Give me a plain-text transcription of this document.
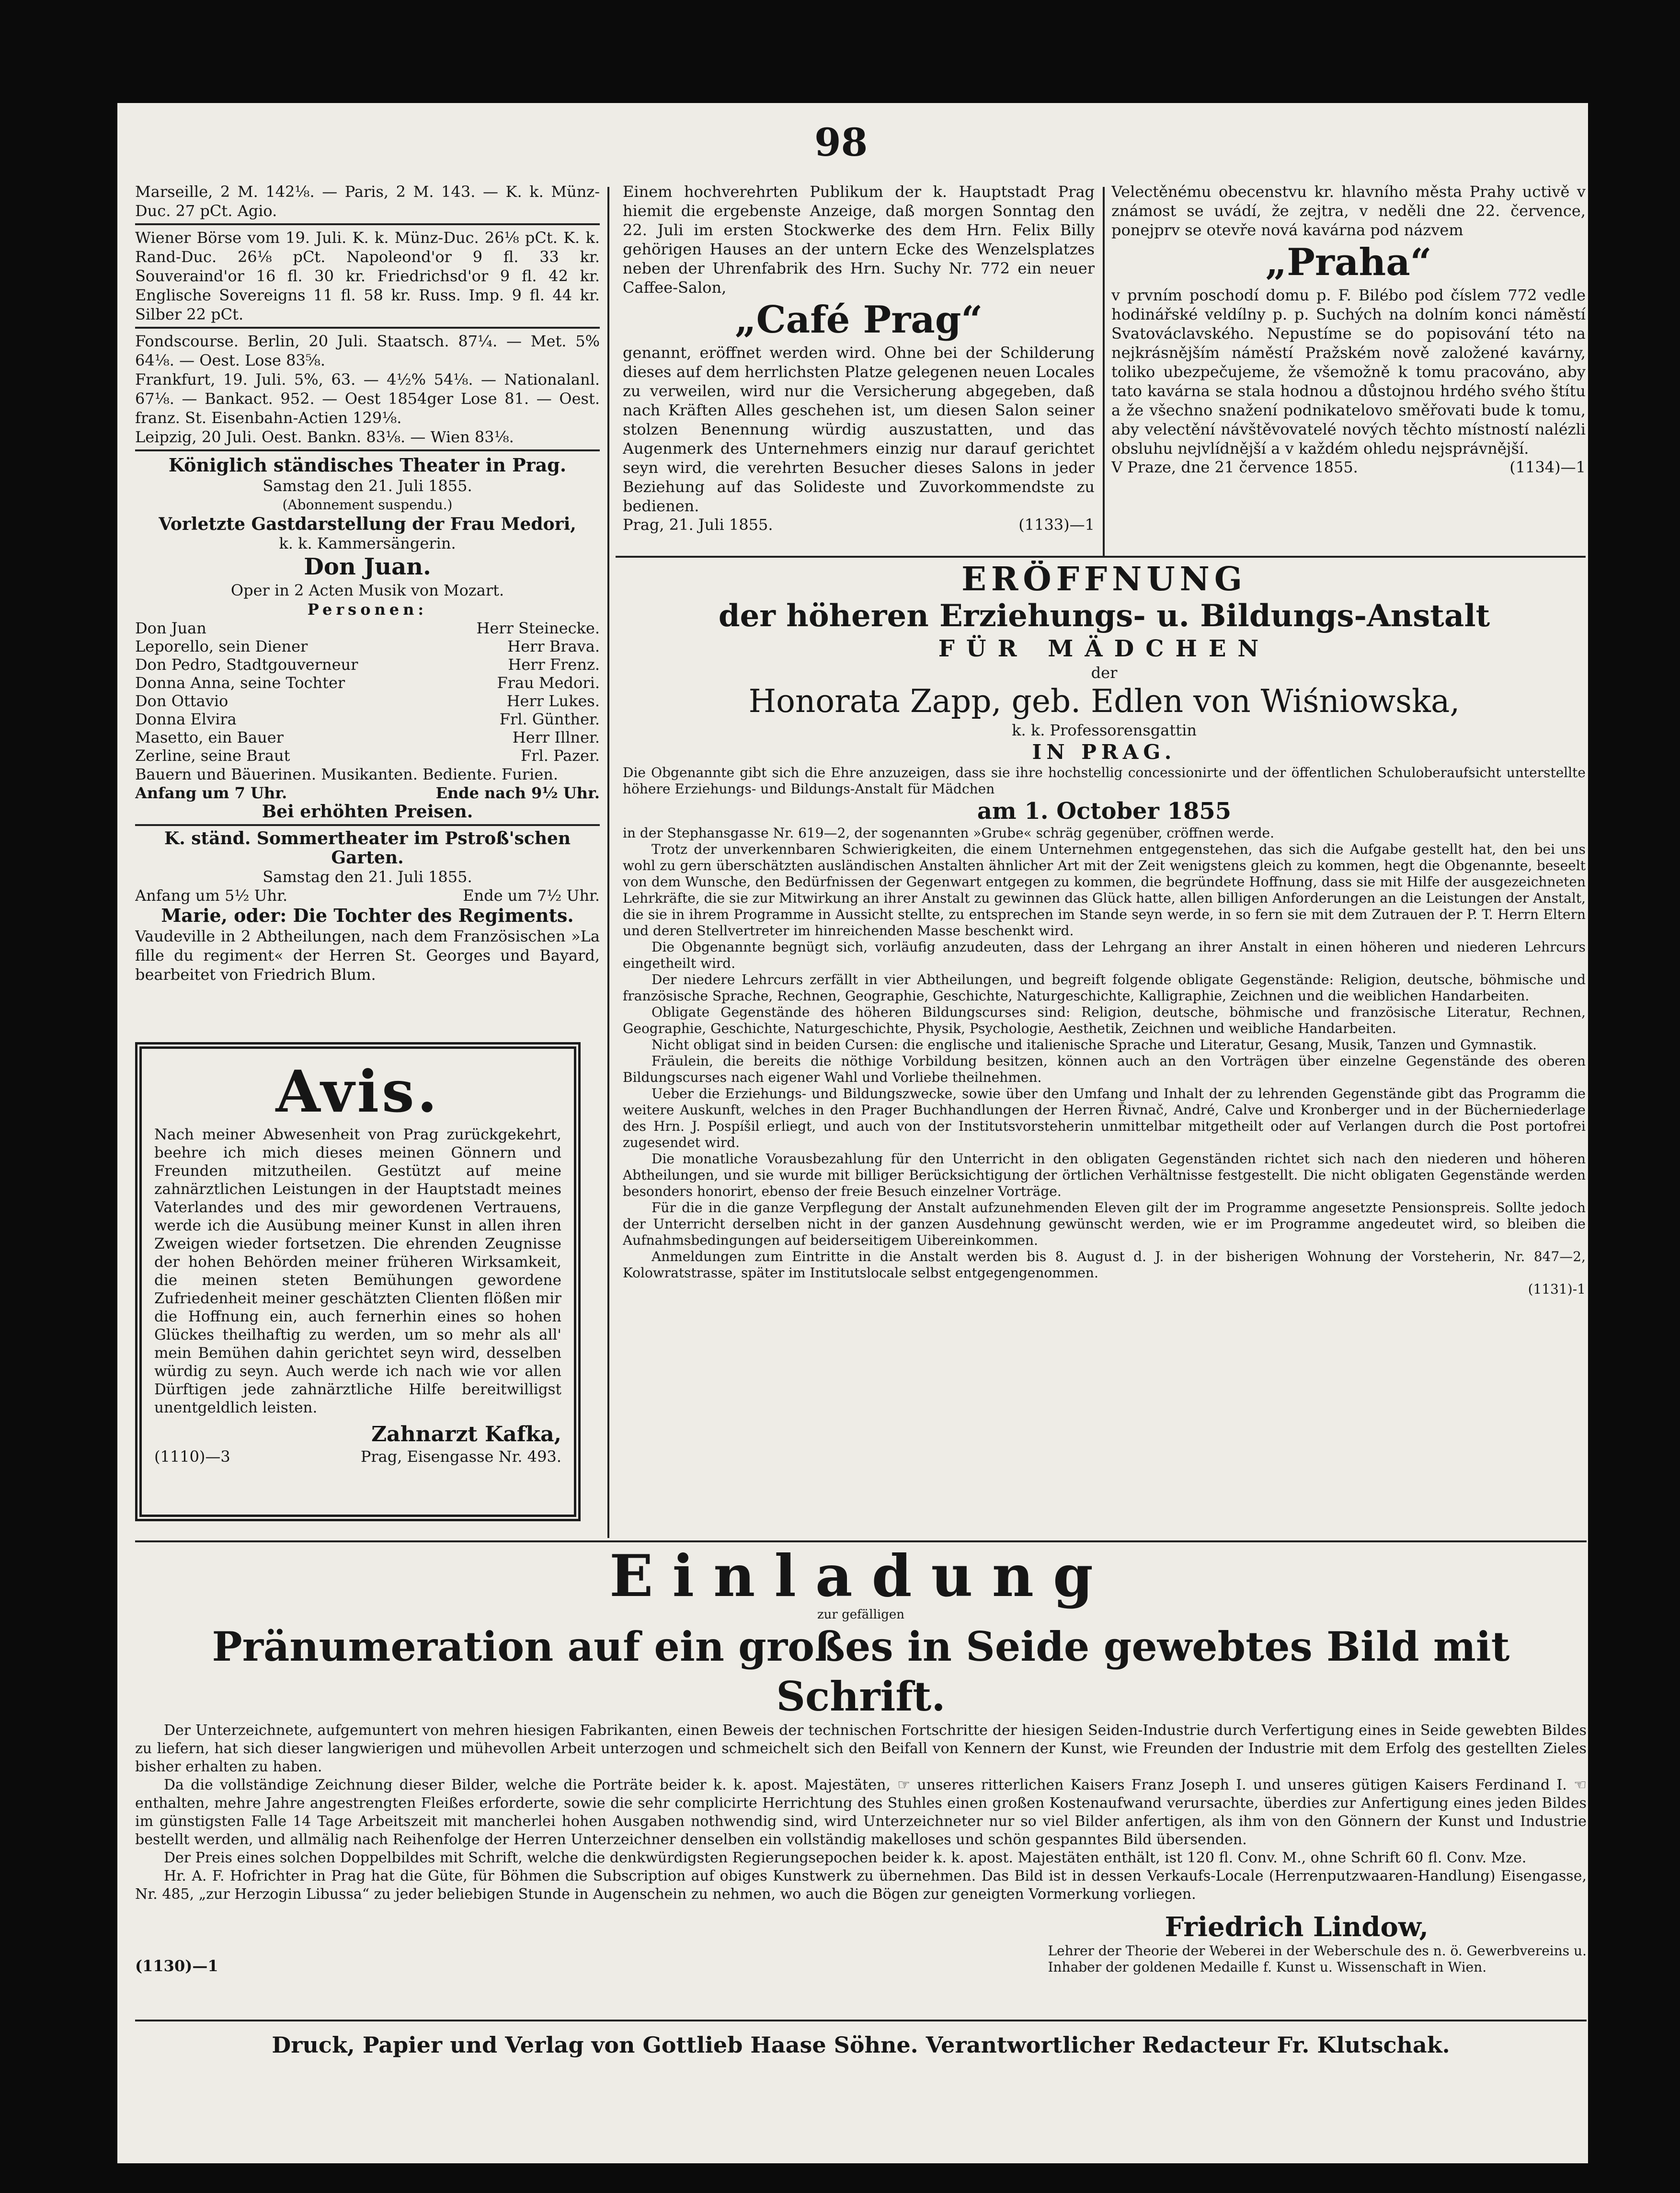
98

Marseille, 2 M. 142⅛. — Paris, 2 M. 143. — K. k. Münz-Duc. 27 pCt. Agio.

Wiener Börse vom 19. Juli. K. k. Münz-Duc. 26⅛ pCt. K. k. Rand-Duc. 26⅛ pCt. Napoleond'or 9 fl. 33 kr. Souveraind'or 16 fl. 30 kr. Friedrichsd'or 9 fl. 42 kr. Englische Sovereigns 11 fl. 58 kr. Russ. Imp. 9 fl. 44 kr. Silber 22 pCt.

Fondscourse. Berlin, 20 Juli. Staatsch. 87¼. — Met. 5% 64⅛. — Oest. Lose 83⅝.

Frankfurt, 19. Juli. 5%, 63. — 4½% 54⅛. — Nationalanl. 67⅛. — Bankact. 952. — Oest 1854ger Lose 81. — Oest. franz. St. Eisenbahn-Actien 129⅛.

Leipzig, 20 Juli. Oest. Bankn. 83⅛. — Wien 83⅛.

Königlich ständisches Theater in Prag.

Samstag den 21. Juli 1855.

(Abonnement suspendu.)

Vorletzte Gastdarstellung der Frau Medori,

k. k. Kammersängerin.

Don Juan.

Oper in 2 Acten Musik von Mozart.

Personen:

Don Juan	Herr Steinecke.
Leporello, sein Diener	Herr Brava.
Don Pedro, Stadtgouverneur	Herr Frenz.
Donna Anna, seine Tochter	Frau Medori.
Don Ottavio	Herr Lukes.
Donna Elvira	Frl. Günther.
Masetto, ein Bauer	Herr Illner.
Zerline, seine Braut	Frl. Pazer.

Bauern und Bäuerinen. Musikanten. Bediente. Furien.

Anfang um 7 Uhr.	Ende nach 9½ Uhr.

Bei erhöhten Preisen.

K. ständ. Sommertheater im Pstroß'schen Garten.

Samstag den 21. Juli 1855.

Anfang um 5½ Uhr.	Ende um 7½ Uhr.

Marie, oder: Die Tochter des Regiments.

Vaudeville in 2 Abtheilungen, nach dem Französischen »La fille du regiment« der Herren St. Georges und Bayard, bearbeitet von Friedrich Blum.

Avis.

Nach meiner Abwesenheit von Prag zurückgekehrt, beehre ich mich dieses meinen Gönnern und Freunden mitzutheilen. Gestützt auf meine zahnärztlichen Leistungen in der Hauptstadt meines Vaterlandes und des mir gewordenen Vertrauens, werde ich die Ausübung meiner Kunst in allen ihren Zweigen wieder fortsetzen. Die ehrenden Zeugnisse der hohen Behörden meiner früheren Wirksamkeit, die meinen steten Bemühungen gewordene Zufriedenheit meiner geschätzten Clienten flößen mir die Hoffnung ein, auch fernerhin eines so hohen Glückes theilhaftig zu werden, um so mehr als all' mein Bemühen dahin gerichtet seyn wird, desselben würdig zu seyn. Auch werde ich nach wie vor allen Dürftigen jede zahnärztliche Hilfe bereitwilligst unentgeldlich leisten.

Zahnarzt Kafka,

(1110)—3	Prag, Eisengasse Nr. 493.

Einem hochverehrten Publikum der k. Hauptstadt Prag hiemit die ergebenste Anzeige, daß morgen Sonntag den 22. Juli im ersten Stockwerke des dem Hrn. Felix Billy gehörigen Hauses an der untern Ecke des Wenzelsplatzes neben der Uhrenfabrik des Hrn. Suchy Nr. 772 ein neuer Caffee-Salon,

„Café Prag“

genannt, eröffnet werden wird. Ohne bei der Schilderung dieses auf dem herrlichsten Platze gelegenen neuen Locales zu verweilen, wird nur die Versicherung abgegeben, daß nach Kräften Alles geschehen ist, um diesen Salon seiner stolzen Benennung würdig auszustatten, und das Augenmerk des Unternehmers einzig nur darauf gerichtet seyn wird, die verehrten Besucher dieses Salons in jeder Beziehung auf das Solideste und Zuvorkommendste zu bedienen.

Prag, 21. Juli 1855.	(1133)—1

Velectěnému obecenstvu kr. hlavního města Prahy uctivě v známost se uvádí, že zejtra, v neděli dne 22. července, ponejprv se otevře nová kavárna pod názvem

„Praha“

v prvním poschodí domu p. F. Bilébo pod číslem 772 vedle hodinářské veldílny p. p. Suchých na dolním konci náměstí Svatováclavského. Nepustíme se do popisování této na nejkrásnějším náměstí Pražském nově založené kavárny, toliko ubezpečujeme, že všemožně k tomu pracováno, aby tato kavárna se stala hodnou a důstojnou hrdého svého štítu a že všechno snažení podnikatelovo směřovati bude k tomu, aby velectění návštěvovatelé nových těchto místností nalézli obsluhu nejvlídnější a v každém ohledu nejsprávnější.

V Praze, dne 21 července 1855.	(1134)—1

ERÖFFNUNG

der höheren Erziehungs- u. Bildungs-Anstalt

FÜR MÄDCHEN

der

Honorata Zapp, geb. Edlen von Wiśniowska,

k. k. Professorensgattin

IN PRAG.

Die Obgenannte gibt sich die Ehre anzuzeigen, dass sie ihre hochstellig concessionirte und der öffentlichen Schuloberaufsicht unterstellte höhere Erziehungs- und Bildungs-Anstalt für Mädchen

am 1. October 1855

in der Stephansgasse Nr. 619—2, der sogenannten »Grube« schräg gegenüber, cröffnen werde.

Trotz der unverkennbaren Schwierigkeiten, die einem Unternehmen entgegenstehen, das sich die Aufgabe gestellt hat, den bei uns wohl zu gern überschätzten ausländischen Anstalten ähnlicher Art mit der Zeit wenigstens gleich zu kommen, hegt die Obgenannte, beseelt von dem Wunsche, den Bedürfnissen der Gegenwart entgegen zu kommen, die begründete Hoffnung, dass sie mit Hilfe der ausgezeichneten Lehrkräfte, die sie zur Mitwirkung an ihrer Anstalt zu gewinnen das Glück hatte, allen billigen Anforderungen an die Leistungen der Anstalt, die sie in ihrem Programme in Aussicht stellte, zu entsprechen im Stande seyn werde, in so fern sie mit dem Zutrauen der P. T. Herrn Eltern und deren Stellvertreter im hinreichenden Masse beschenkt wird.

Die Obgenannte begnügt sich, vorläufig anzudeuten, dass der Lehrgang an ihrer Anstalt in einen höheren und niederen Lehrcurs eingetheilt wird.

Der niedere Lehrcurs zerfällt in vier Abtheilungen, und begreift folgende obligate Gegenstände: Religion, deutsche, böhmische und französische Sprache, Rechnen, Geographie, Geschichte, Naturgeschichte, Kalligraphie, Zeichnen und die weiblichen Handarbeiten.

Obligate Gegenstände des höheren Bildungscurses sind: Religion, deutsche, böhmische und französische Literatur, Rechnen, Geographie, Geschichte, Naturgeschichte, Physik, Psychologie, Aesthetik, Zeichnen und weibliche Handarbeiten.

Nicht obligat sind in beiden Cursen: die englische und italienische Sprache und Literatur, Gesang, Musik, Tanzen und Gymnastik.

Fräulein, die bereits die nöthige Vorbildung besitzen, können auch an den Vorträgen über einzelne Gegenstände des oberen Bildungscurses nach eigener Wahl und Vorliebe theilnehmen.

Ueber die Erziehungs- und Bildungszwecke, sowie über den Umfang und Inhalt der zu lehrenden Gegenstände gibt das Programm die weitere Auskunft, welches in den Prager Buchhandlungen der Herren Řivnač, André, Calve und Kronberger und in der Bücherniederlage des Hrn. J. Pospíšil erliegt, und auch von der Institutsvorsteherin unmittelbar mitgetheilt oder auf Verlangen durch die Post portofrei zugesendet wird.

Die monatliche Vorausbezahlung für den Unterricht in den obligaten Gegenständen richtet sich nach den niederen und höheren Abtheilungen, und sie wurde mit billiger Berücksichtigung der örtlichen Verhältnisse festgestellt. Die nicht obligaten Gegenstände werden besonders honorirt, ebenso der freie Besuch einzelner Vorträge.

Für die in die ganze Verpflegung der Anstalt aufzunehmenden Eleven gilt der im Programme angesetzte Pensionspreis. Sollte jedoch der Unterricht derselben nicht in der ganzen Ausdehnung gewünscht werden, wie er im Programme angedeutet wird, so bleiben die Aufnahmsbedingungen auf beiderseitigem Uibereinkommen.

Anmeldungen zum Eintritte in die Anstalt werden bis 8. August d. J. in der bisherigen Wohnung der Vorsteherin, Nr. 847—2, Kolowratstrasse, später im Institutslocale selbst entgegengenommen.

(1131)-1

Einladung

zur gefälligen

Pränumeration auf ein großes in Seide gewebtes Bild mit Schrift.

Der Unterzeichnete, aufgemuntert von mehren hiesigen Fabrikanten, einen Beweis der technischen Fortschritte der hiesigen Seiden-Industrie durch Verfertigung eines in Seide gewebten Bildes zu liefern, hat sich dieser langwierigen und mühevollen Arbeit unterzogen und schmeichelt sich den Beifall von Kennern der Kunst, wie Freunden der Industrie mit dem Erfolg des gestellten Zieles bisher erhalten zu haben.

Da die vollständige Zeichnung dieser Bilder, welche die Porträte beider k. k. apost. Majestäten, ☞ unseres ritterlichen Kaisers Franz Joseph I. und unseres gütigen Kaisers Ferdinand I. ☜ enthalten, mehre Jahre angestrengten Fleißes erforderte, sowie die sehr complicirte Herrichtung des Stuhles einen großen Kostenaufwand verursachte, überdies zur Anfertigung eines jeden Bildes im günstigsten Falle 14 Tage Arbeitszeit mit mancherlei hohen Ausgaben nothwendig sind, wird Unterzeichneter nur so viel Bilder anfertigen, als ihm von den Gönnern der Kunst und Industrie bestellt werden, und allmälig nach Reihenfolge der Herren Unterzeichner denselben ein vollständig makelloses und schön gespanntes Bild übersenden.

Der Preis eines solchen Doppelbildes mit Schrift, welche die denkwürdigsten Regierungsepochen beider k. k. apost. Majestäten enthält, ist 120 fl. Conv. M., ohne Schrift 60 fl. Conv. Mze.

Hr. A. F. Hofrichter in Prag hat die Güte, für Böhmen die Subscription auf obiges Kunstwerk zu übernehmen. Das Bild ist in dessen Verkaufs-Locale (Herrenputzwaaren-Handlung) Eisengasse, Nr. 485, „zur Herzogin Libussa“ zu jeder beliebigen Stunde in Augenschein zu nehmen, wo auch die Bögen zur geneigten Vormerkung vorliegen.

Friedrich Lindow,

(1130)—1

Lehrer der Theorie der Weberei in der Weberschule des n. ö. Gewerbvereins u.

Inhaber der goldenen Medaille f. Kunst u. Wissenschaft in Wien.

Druck, Papier und Verlag von Gottlieb Haase Söhne. Verantwortlicher Redacteur Fr. Klutschak.
